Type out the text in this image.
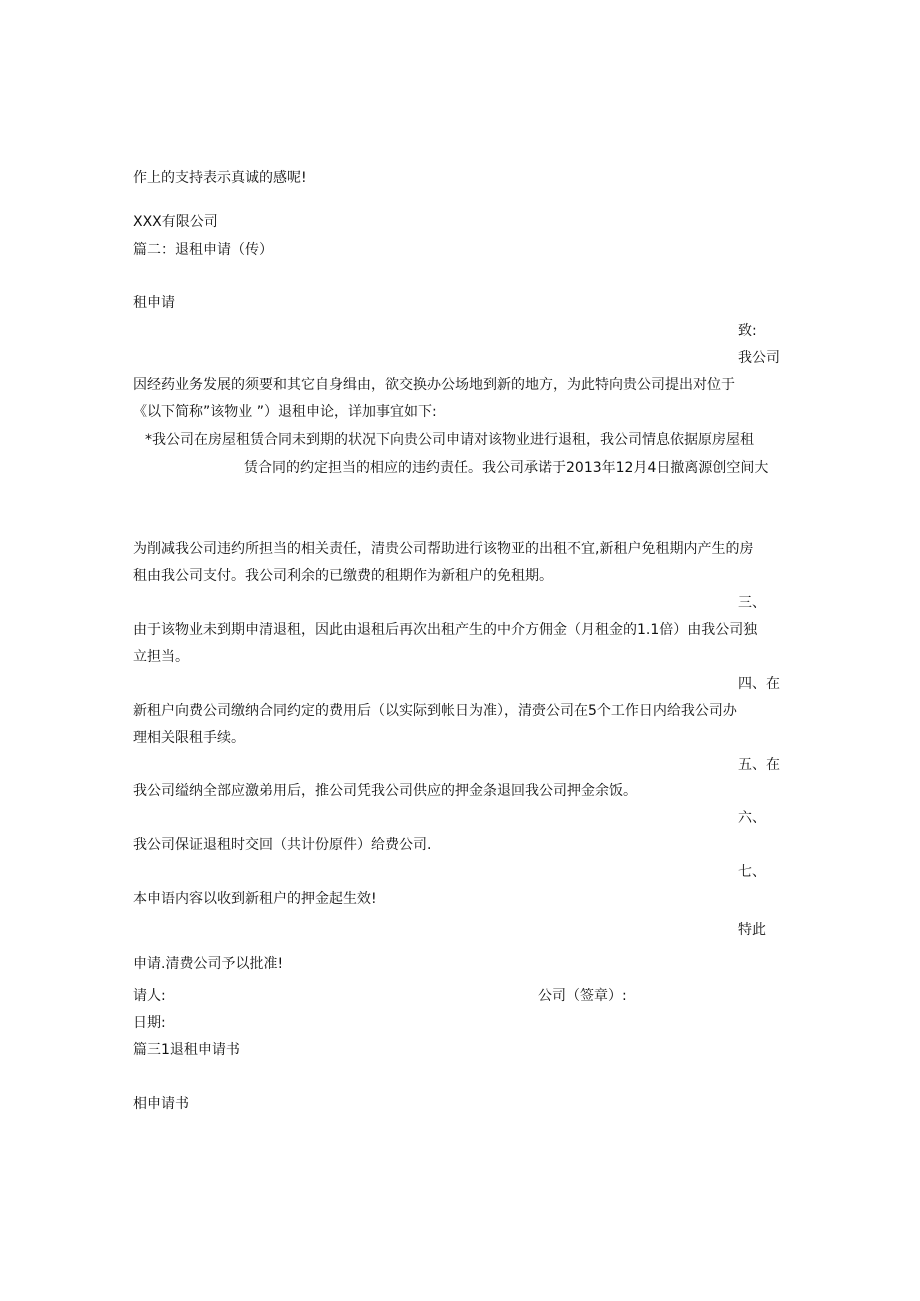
作上的支持表示真诚的感呢!
XXX有限公司
篇二：退租申请（传）
租申请
致:
我公司
因经药业务发展的须要和其它自身缉由，欲交换办公场地到新的地方，为此特向贵公司提出对位于
《以下简称”该物业 ”）退租申论，详加事宜如下:
*我公司在房屋租赁合同未到期的状况下向贵公司申请对该物业进行退租，我公司情息依据原房屋租
赁合同的约定担当的相应的违约责任。我公司承诺于2013年12月4日撤离源创空间大
为削减我公司违约所担当的相关责任，清贵公司帮助进行该物亚的出租不宜,新租户免租期内产生的房
租由我公司支付。我公司利余的已缴费的租期作为新租户的免租期。
三、
由于该物业未到期申清退租，因此由退租后再次出租产生的中介方佣金（月租金的1.1倍）由我公司独
立担当。
四、在
新租户向费公司缴纳合同约定的费用后（以实际到帐日为准），清赍公司在5个工作日内给我公司办
理相关限租手续。
五、在
我公司缢纳全部应激弟用后，推公司凭我公司供应的押金条退回我公司押金余饭。
六、
我公司保证退租时交回（共计份原件）给费公司.
七、
本申语内容以收到新租户的押金起生效!
特此
申请.清费公司予以批准!
请人:	公司（签章）:
日期:
篇三1退租申请书
相申请书
